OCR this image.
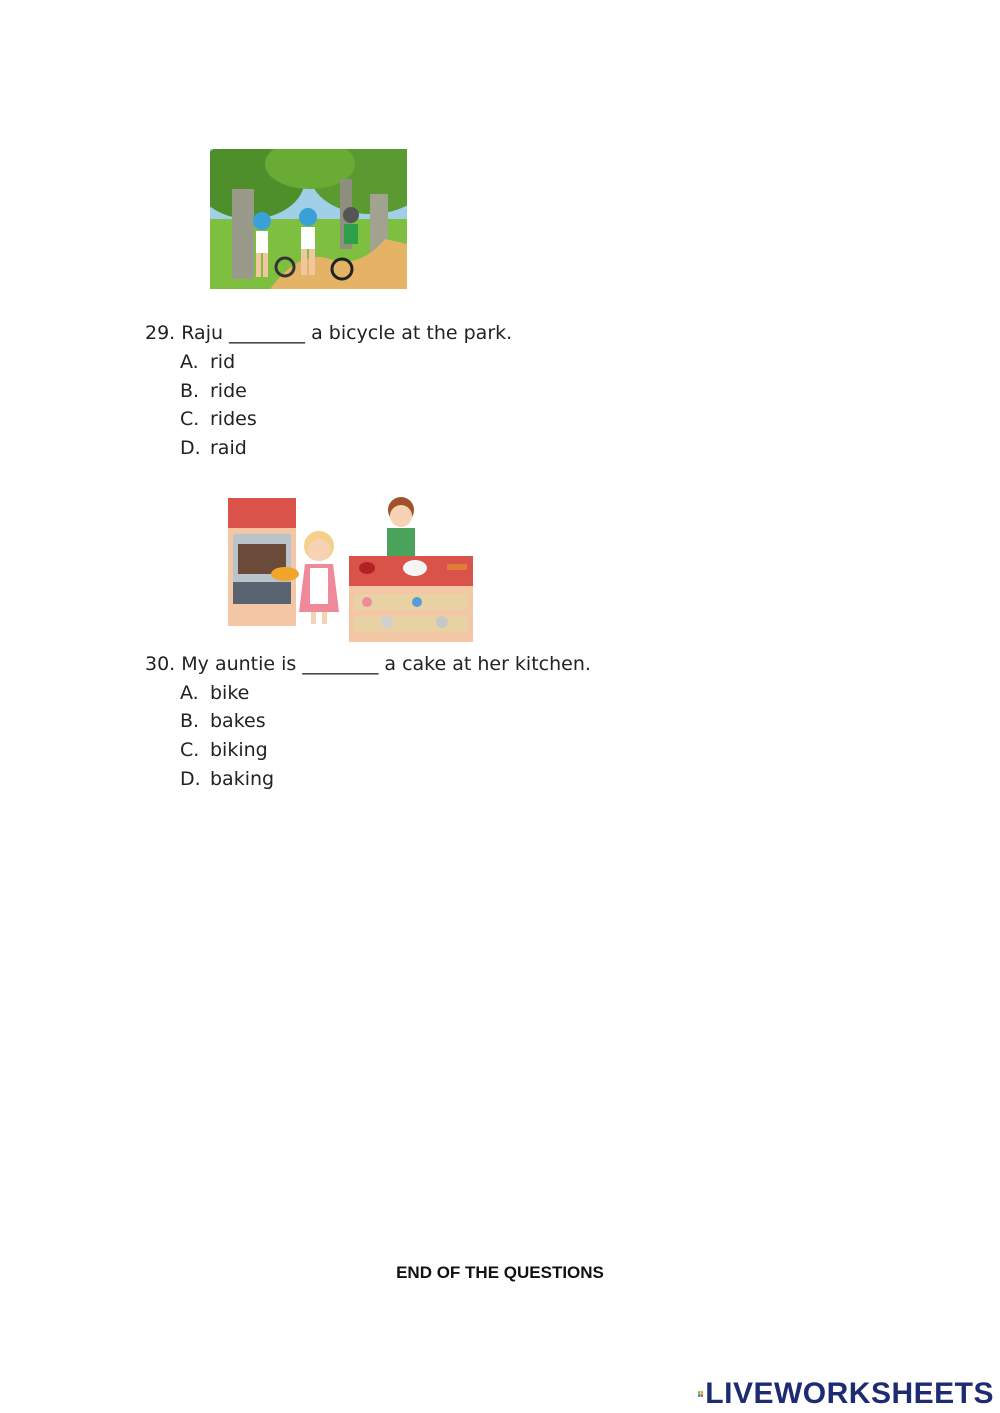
29. Raju ________ a bicycle at the park.
A. rid
B. ride
C. rides
D. raid
30. My auntie is ________ a cake at her kitchen.
A. bike
B. bakes
C. biking
D. baking
END OF THE QUESTIONS
LIVEWORKSHEETS
